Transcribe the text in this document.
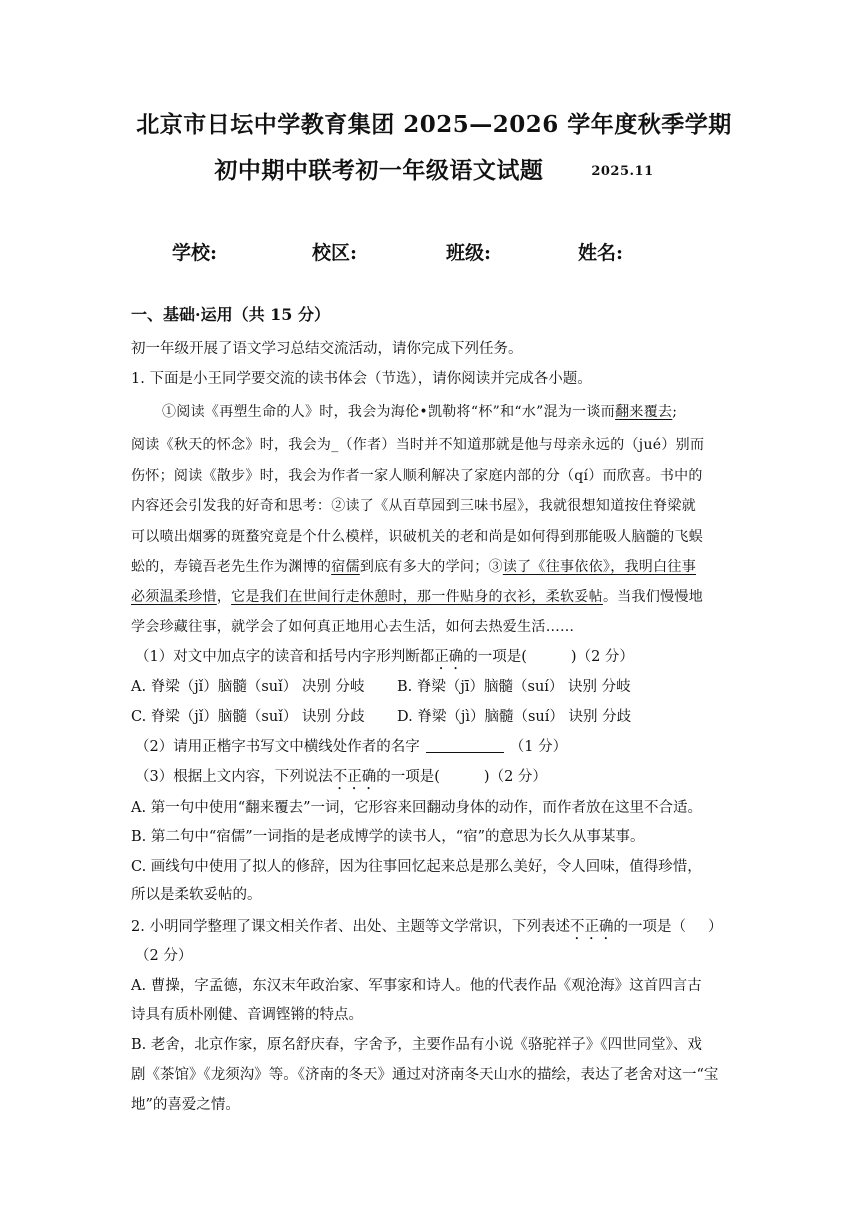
北京市日坛中学教育集团 2025—2026 学年度秋季学期
初中期中联考初一年级语文试题	2025.11
学校:	校区:	班级:	姓名:
一、基础·运用（共 15 分）
初一年级开展了语文学习总结交流活动，请你完成下列任务。
1. 下面是小王同学要交流的读书体会（节选），请你阅读并完成各小题。
①阅读《再塑生命的人》时，我会为海伦•凯勒将“杯”和“水”混为一谈而翻来覆去;
阅读《秋天的怀念》时，我会为_（作者）当时并不知道那就是他与母亲永远的（jué）别而
伤怀；阅读《散步》时，我会为作者一家人顺利解决了家庭内部的分（qí）而欣喜。书中的
内容还会引发我的好奇和思考：②读了《从百草园到三味书屋》，我就很想知道按住脊梁就
可以喷出烟雾的斑蝥究竟是个什么模样，识破机关的老和尚是如何得到那能吸人脑髓的飞蜈
蚣的，寿镜吾老先生作为渊博的宿儒到底有多大的学问；③读了《往事依依》，我明白往事
必须温柔珍惜，它是我们在世间行走休憩时，那一件贴身的衣衫，柔软妥帖。当我们慢慢地
学会珍藏往事，就学会了如何真正地用心去生活，如何去热爱生活……
（1）对文中加点字的读音和括号内字形判断都正确的一项是(	)（2 分）
A. 脊梁（jǐ）脑髓（suǐ） 决别 分岐 B. 脊梁（jī）脑髓（suí） 诀别 分岐
C. 脊梁（jǐ）脑髓（suǐ） 诀别 分歧 D. 脊梁（jì）脑髓（suí） 诀别 分歧
（2）请用正楷字书写文中横线处作者的名字	（1 分）
（3）根据上文内容，下列说法不正确的一项是(	)（2 分）
A. 第一句中使用“翻来覆去”一词，它形容来回翻动身体的动作，而作者放在这里不合适。
B. 第二句中“宿儒”一词指的是老成博学的读书人，“宿”的意思为长久从事某事。
C. 画线句中使用了拟人的修辞，因为往事回忆起来总是那么美好，令人回味，值得珍惜，
所以是柔软妥帖的。
2. 小明同学整理了课文相关作者、出处、主题等文学常识，下列表述不正确的一项是（ ）
（2 分）
A. 曹操，字孟德，东汉末年政治家、军事家和诗人。他的代表作品《观沧海》这首四言古
诗具有质朴刚健、音调铿锵的特点。
B. 老舍，北京作家，原名舒庆春，字舍予，主要作品有小说《骆驼祥子》《四世同堂》、戏
剧《茶馆》《龙须沟》等。《济南的冬天》通过对济南冬天山水的描绘，表达了老舍对这一“宝
地”的喜爱之情。
